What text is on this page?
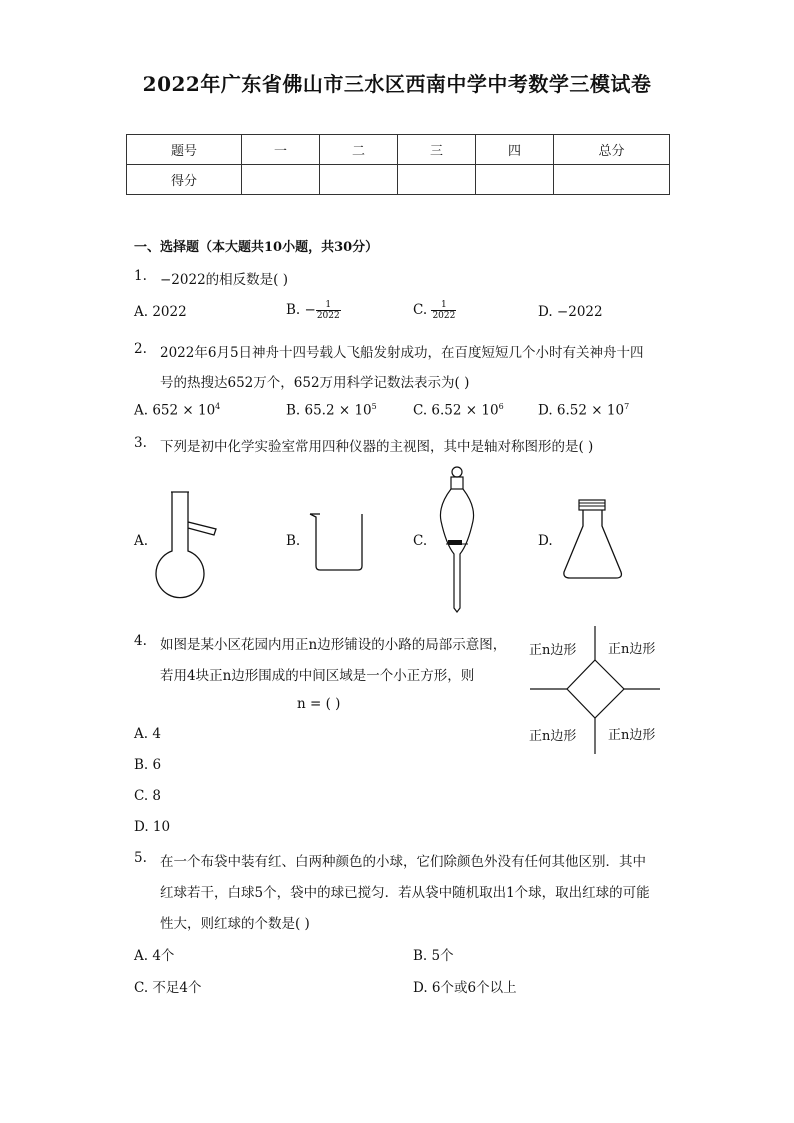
2022年广东省佛山市三水区西南中学中考数学三模试卷
题号	一	二	三	四	总分
得分					
一、选择题（本大题共10小题，共30分）
1. −2022的相反数是( )
A. 2022	B. − $\frac{1}{2022}$	C. $\frac{1}{2022}$	D. −2022
2. 2022年6月5日神舟十四号载人飞船发射成功，在百度短短几个小时有关神舟十四
号的热搜达652万个，652万用科学记数法表示为( )
A. $652 \times 10^4$	B. $65.2 \times 10^5$	C. $6.52 \times 10^6$	D. $6.52 \times 10^7$
3. 下列是初中化学实验室常用四种仪器的主视图，其中是轴对称图形的是( )
A.	B.	C.	D.
4. 如图是某小区花园内用正n边形铺设的小路的局部示意图，
若用4块正n边形围成的中间区域是一个小正方形，则
n = ( )
正n边形 正n边形
正n边形 正n边形
A. 4
B. 6
C. 8
D. 10
5. 在一个布袋中装有红、白两种颜色的小球，它们除颜色外没有任何其他区别．其中
红球若干，白球5个，袋中的球已搅匀．若从袋中随机取出1个球，取出红球的可能
性大，则红球的个数是( )
A. 4个	B. 5个
C. 不足4个	D. 6个或6个以上
